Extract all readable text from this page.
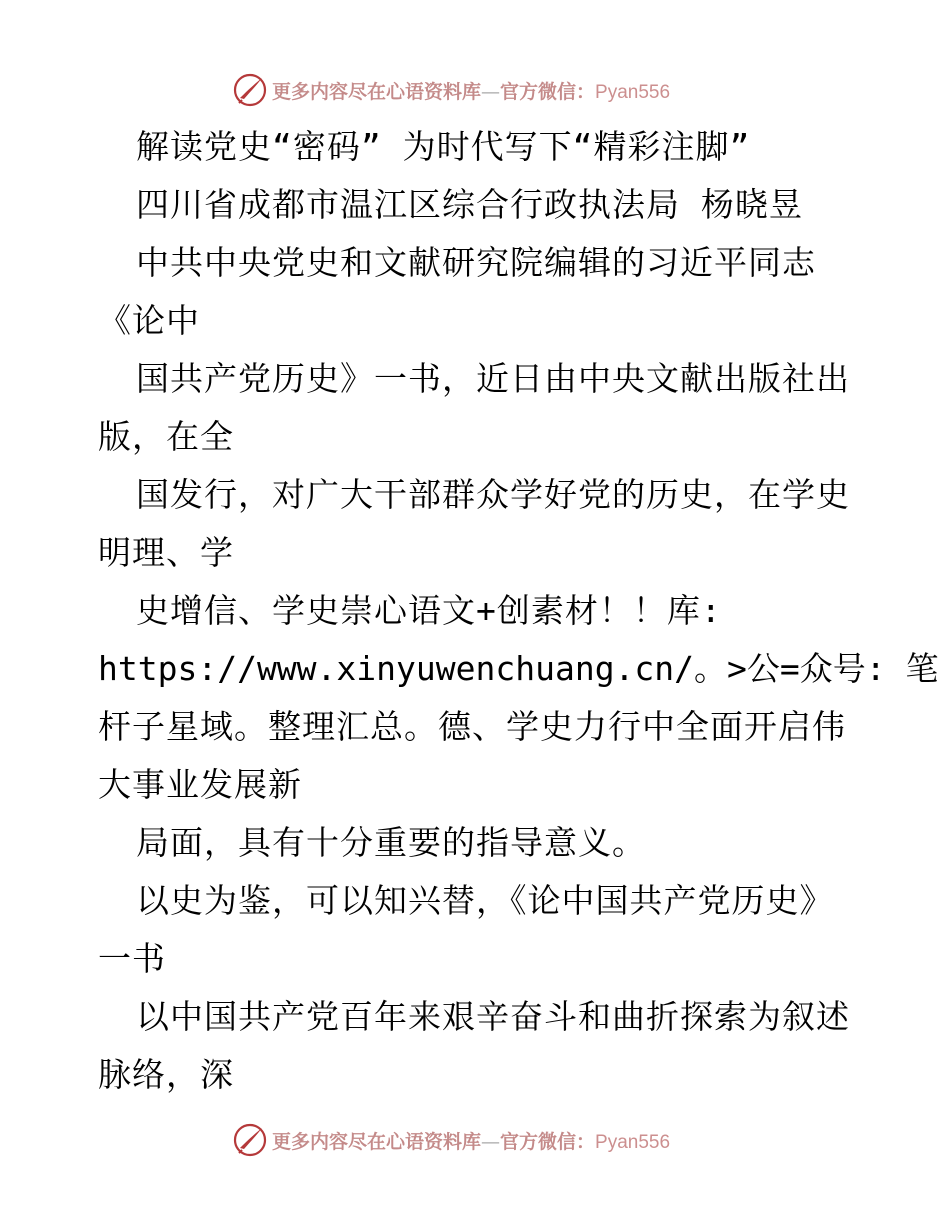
更多内容尽在心语资料库—官方微信：Pyan556
解读党史“密码” 为时代写下“精彩注脚”
四川省成都市温江区综合行政执法局 杨晓昱
中共中央党史和文献研究院编辑的习近平同志
《论中
国共产党历史》一书，近日由中央文献出版社出
版，在全
国发行，对广大干部群众学好党的历史，在学史
明理、学
史增信、学史崇心语文+创素材！！库:
https://www.xinyuwenchuang.cn/。>公=众号: 笔
杆子星域。整理汇总。德、学史力行中全面开启伟
大事业发展新
局面，具有十分重要的指导意义。
以史为鉴，可以知兴替，《论中国共产党历史》
一书
以中国共产党百年来艰辛奋斗和曲折探索为叙述
脉络，深
更多内容尽在心语资料库—官方微信：Pyan556
